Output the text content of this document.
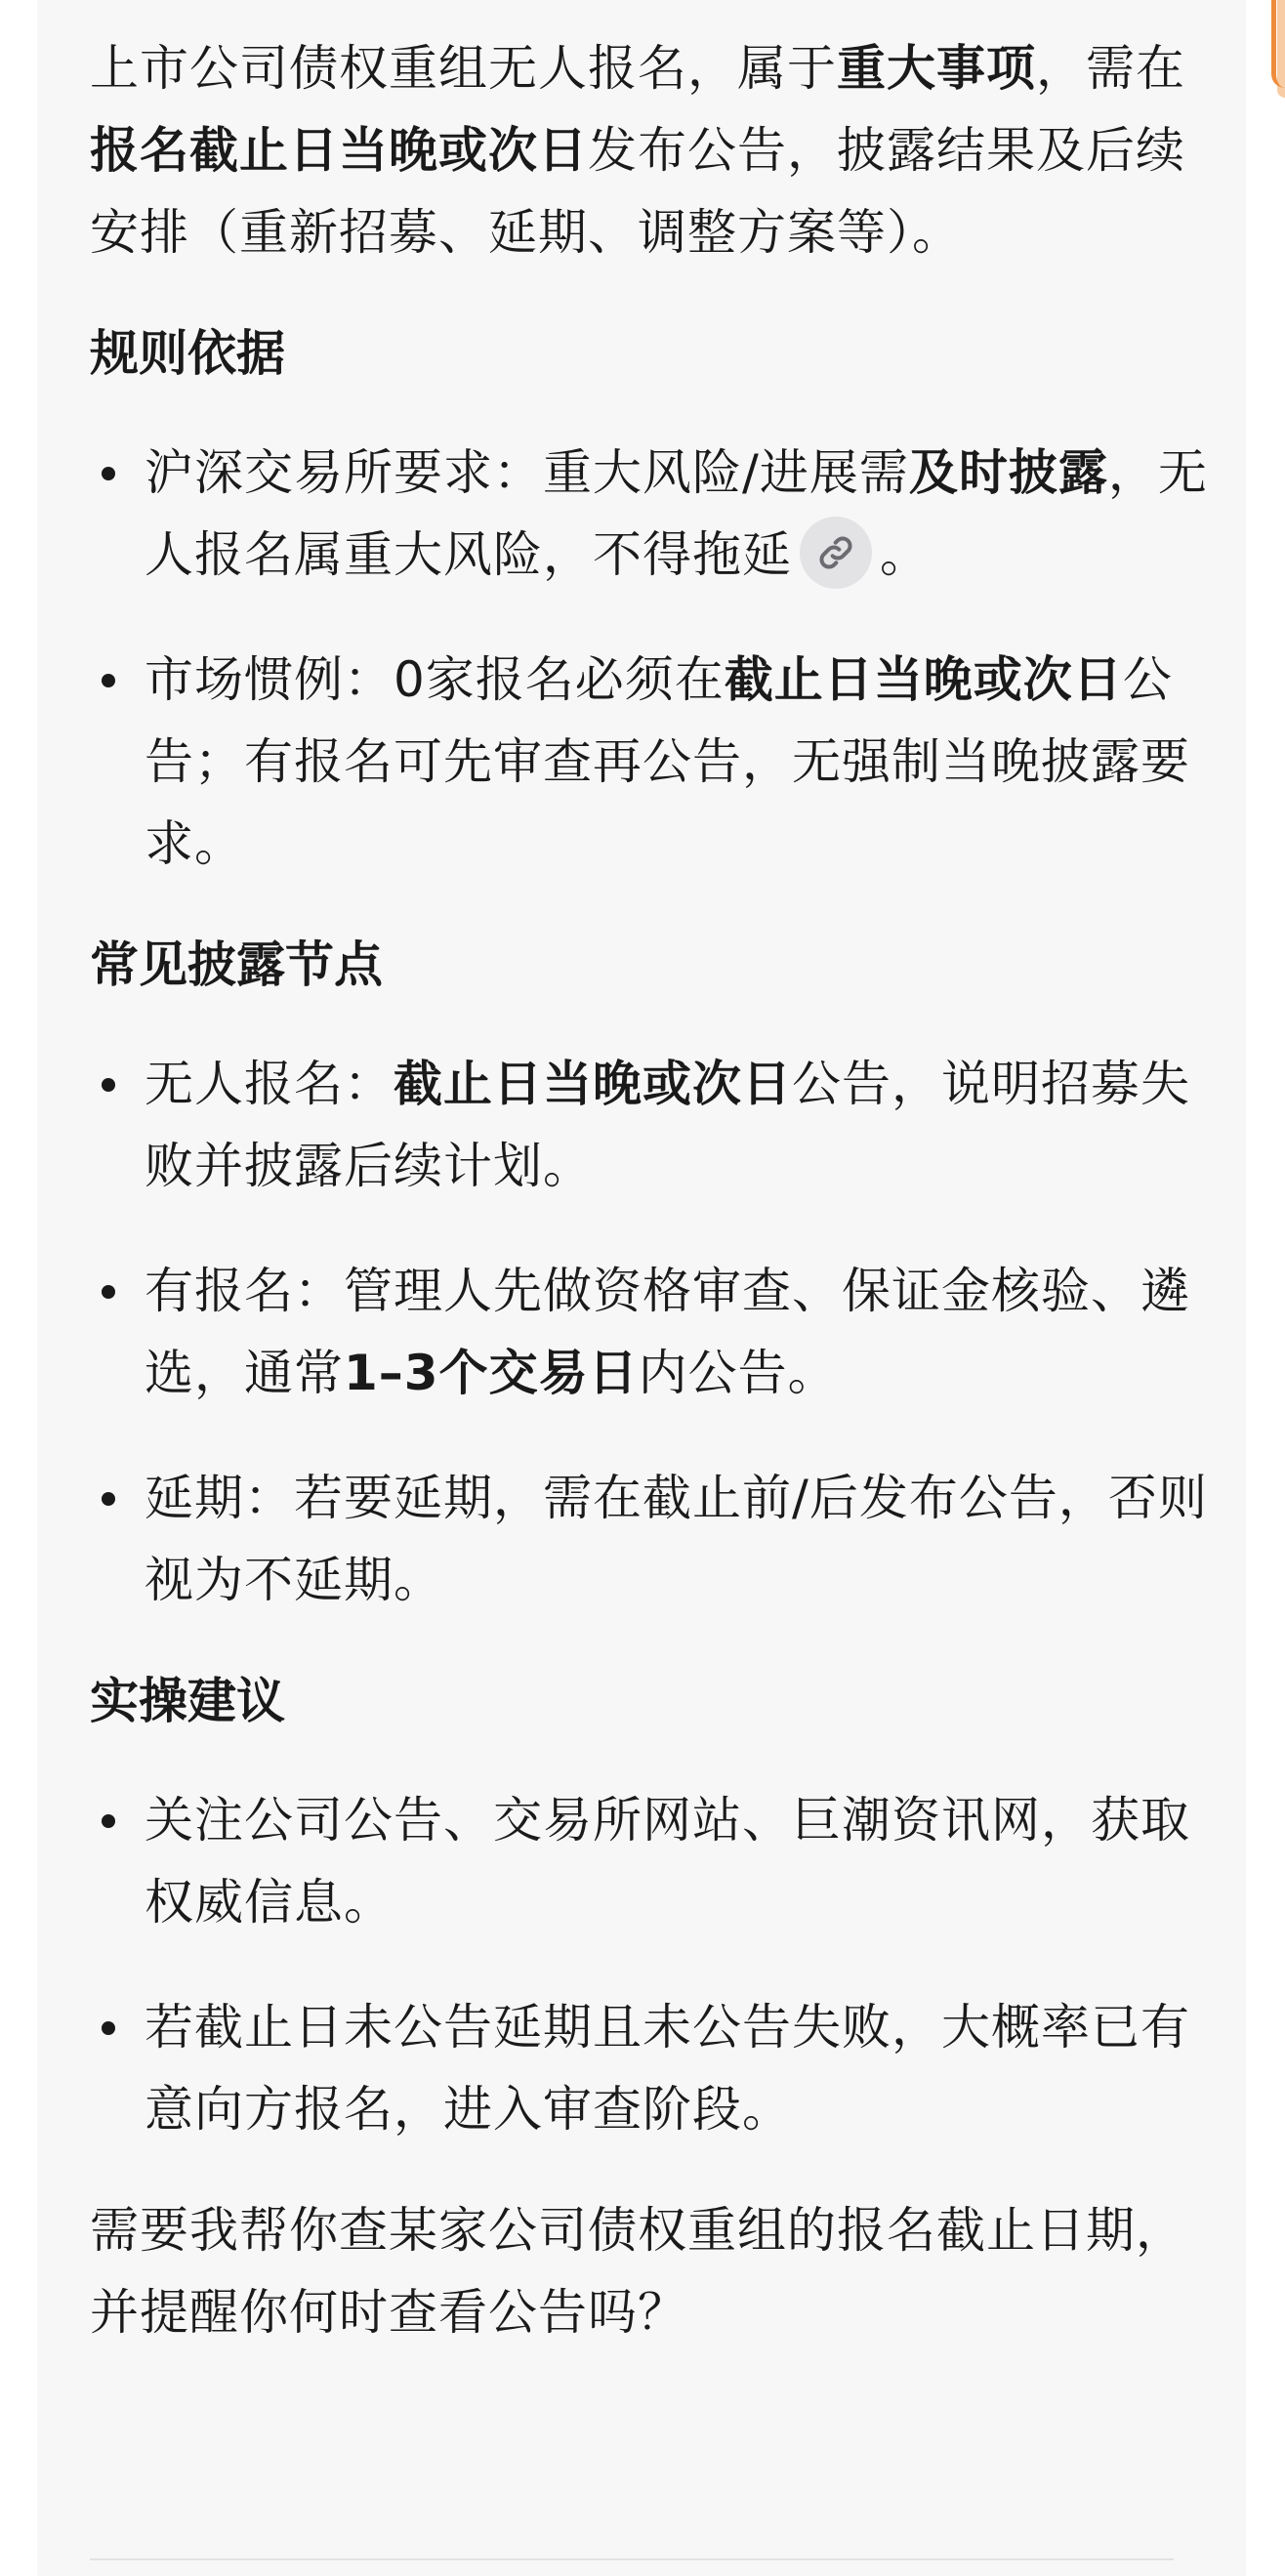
上市公司债权重组无人报名，属于重大事项，需在报名截止日当晚或次日发布公告，披露结果及后续安排（重新招募、延期、调整方案等）。

规则依据

沪深交易所要求：重大风险/进展需及时披露，无人报名属重大风险，不得拖延 。
市场惯例：0家报名必须在截止日当晚或次日公告；有报名可先审查再公告，无强制当晚披露要求。

常见披露节点

无人报名：截止日当晚或次日公告，说明招募失败并披露后续计划。
有报名：管理人先做资格审查、保证金核验、遴选，通常1–3个交易日内公告。
延期：若要延期，需在截止前/后发布公告，否则视为不延期。

实操建议

关注公司公告、交易所网站、巨潮资讯网，获取权威信息。
若截止日未公告延期且未公告失败，大概率已有意向方报名，进入审查阶段。

需要我帮你查某家公司债权重组的报名截止日期，并提醒你何时查看公告吗？
